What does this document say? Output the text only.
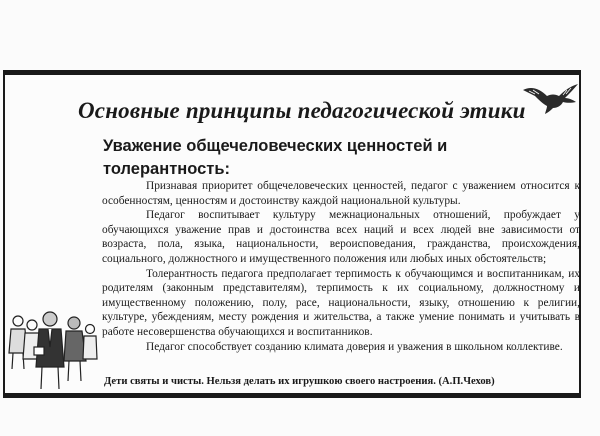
Основные принципы педагогической этики
Уважение общечеловеческих ценностей и толерантность:

Признавая приоритет общечеловеческих ценностей, педагог с уважением относится к особенностям, ценностям и достоинству каждой национальной культуры.

Педагог воспитывает культуру межнациональных отношений, пробуждает у обучающихся уважение прав и достоинства всех наций и всех людей вне зависимости от возраста, пола, языка, национальности, вероисповедания, гражданства, происхождения, социального, должностного и имущественного положения или любых иных обстоятельств;

Толерантность педагога предполагает терпимость к обучающимся и воспитанникам, их родителям (законным представителям), терпимость к их социальному, должностному и имущественному положению, полу, расе, национальности, языку, отношению к религии, культуре, убеждениям, месту рождения и жительства, а также умение понимать и учитывать в работе несовершенства обучающихся и воспитанников.

Педагог способствует созданию климата доверия и уважения в школьном коллективе.

Дети святы и чисты. Нельзя делать их игрушкою своего настроения. (А.П.Чехов)
